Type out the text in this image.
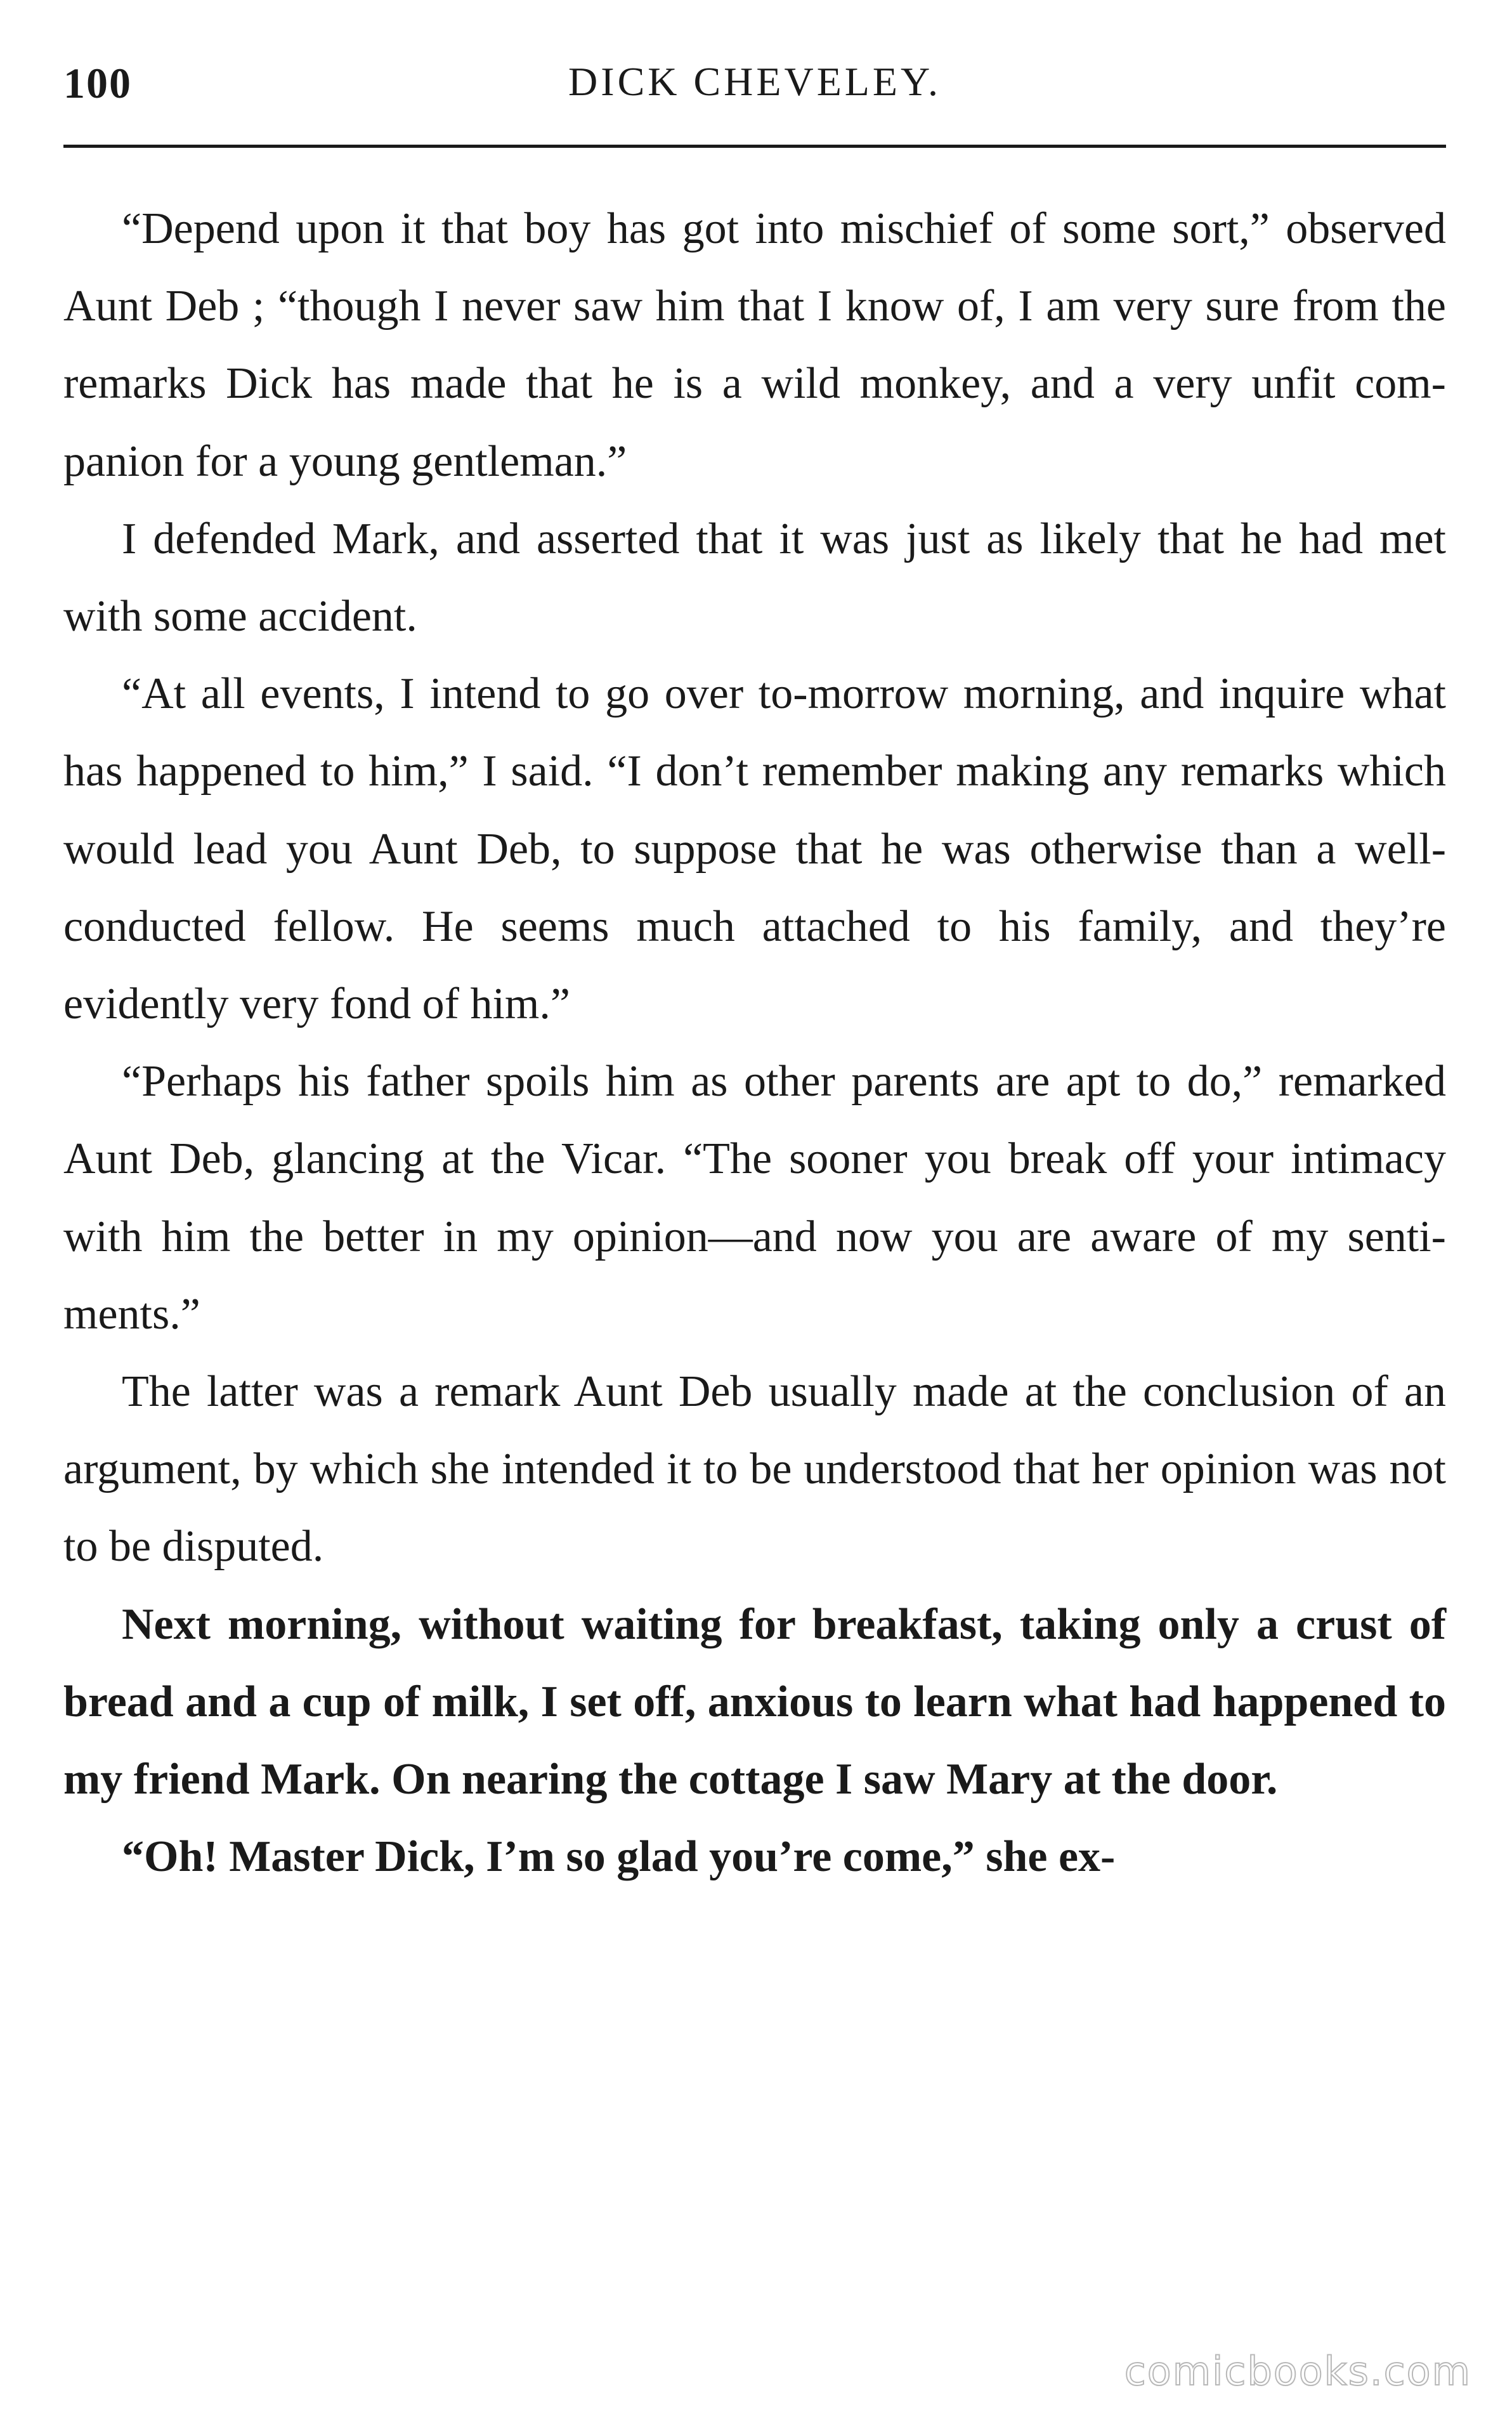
100	DICK CHEVELEY.

“Depend upon it that boy has got into mischief of some sort,” observed Aunt Deb ; “though I never saw him that I know of, I am very sure from the remarks Dick has made that he is a wild monkey, and a very unfit com- panion for a young gentleman.”

I defended Mark, and asserted that it was just as likely that he had met with some accident.

“At all events, I intend to go over to-morrow morning, and inquire what has happened to him,” I said. “I don’t remember making any remarks which would lead you Aunt Deb, to suppose that he was otherwise than a well- conducted fellow. He seems much attached to his family, and they’re evidently very fond of him.”

“Perhaps his father spoils him as other parents are apt to do,” remarked Aunt Deb, glancing at the Vicar. “The sooner you break off your intimacy with him the better in my opinion—and now you are aware of my senti- ments.”

The latter was a remark Aunt Deb usually made at the conclusion of an argument, by which she intended it to be understood that her opinion was not to be disputed.

Next morning, without waiting for breakfast, taking only a crust of bread and a cup of milk, I set off, anxious to learn what had happened to my friend Mark. On nearing the cottage I saw Mary at the door.

“Oh! Master Dick, I’m so glad you’re come,” she ex-

comicbooks.com
